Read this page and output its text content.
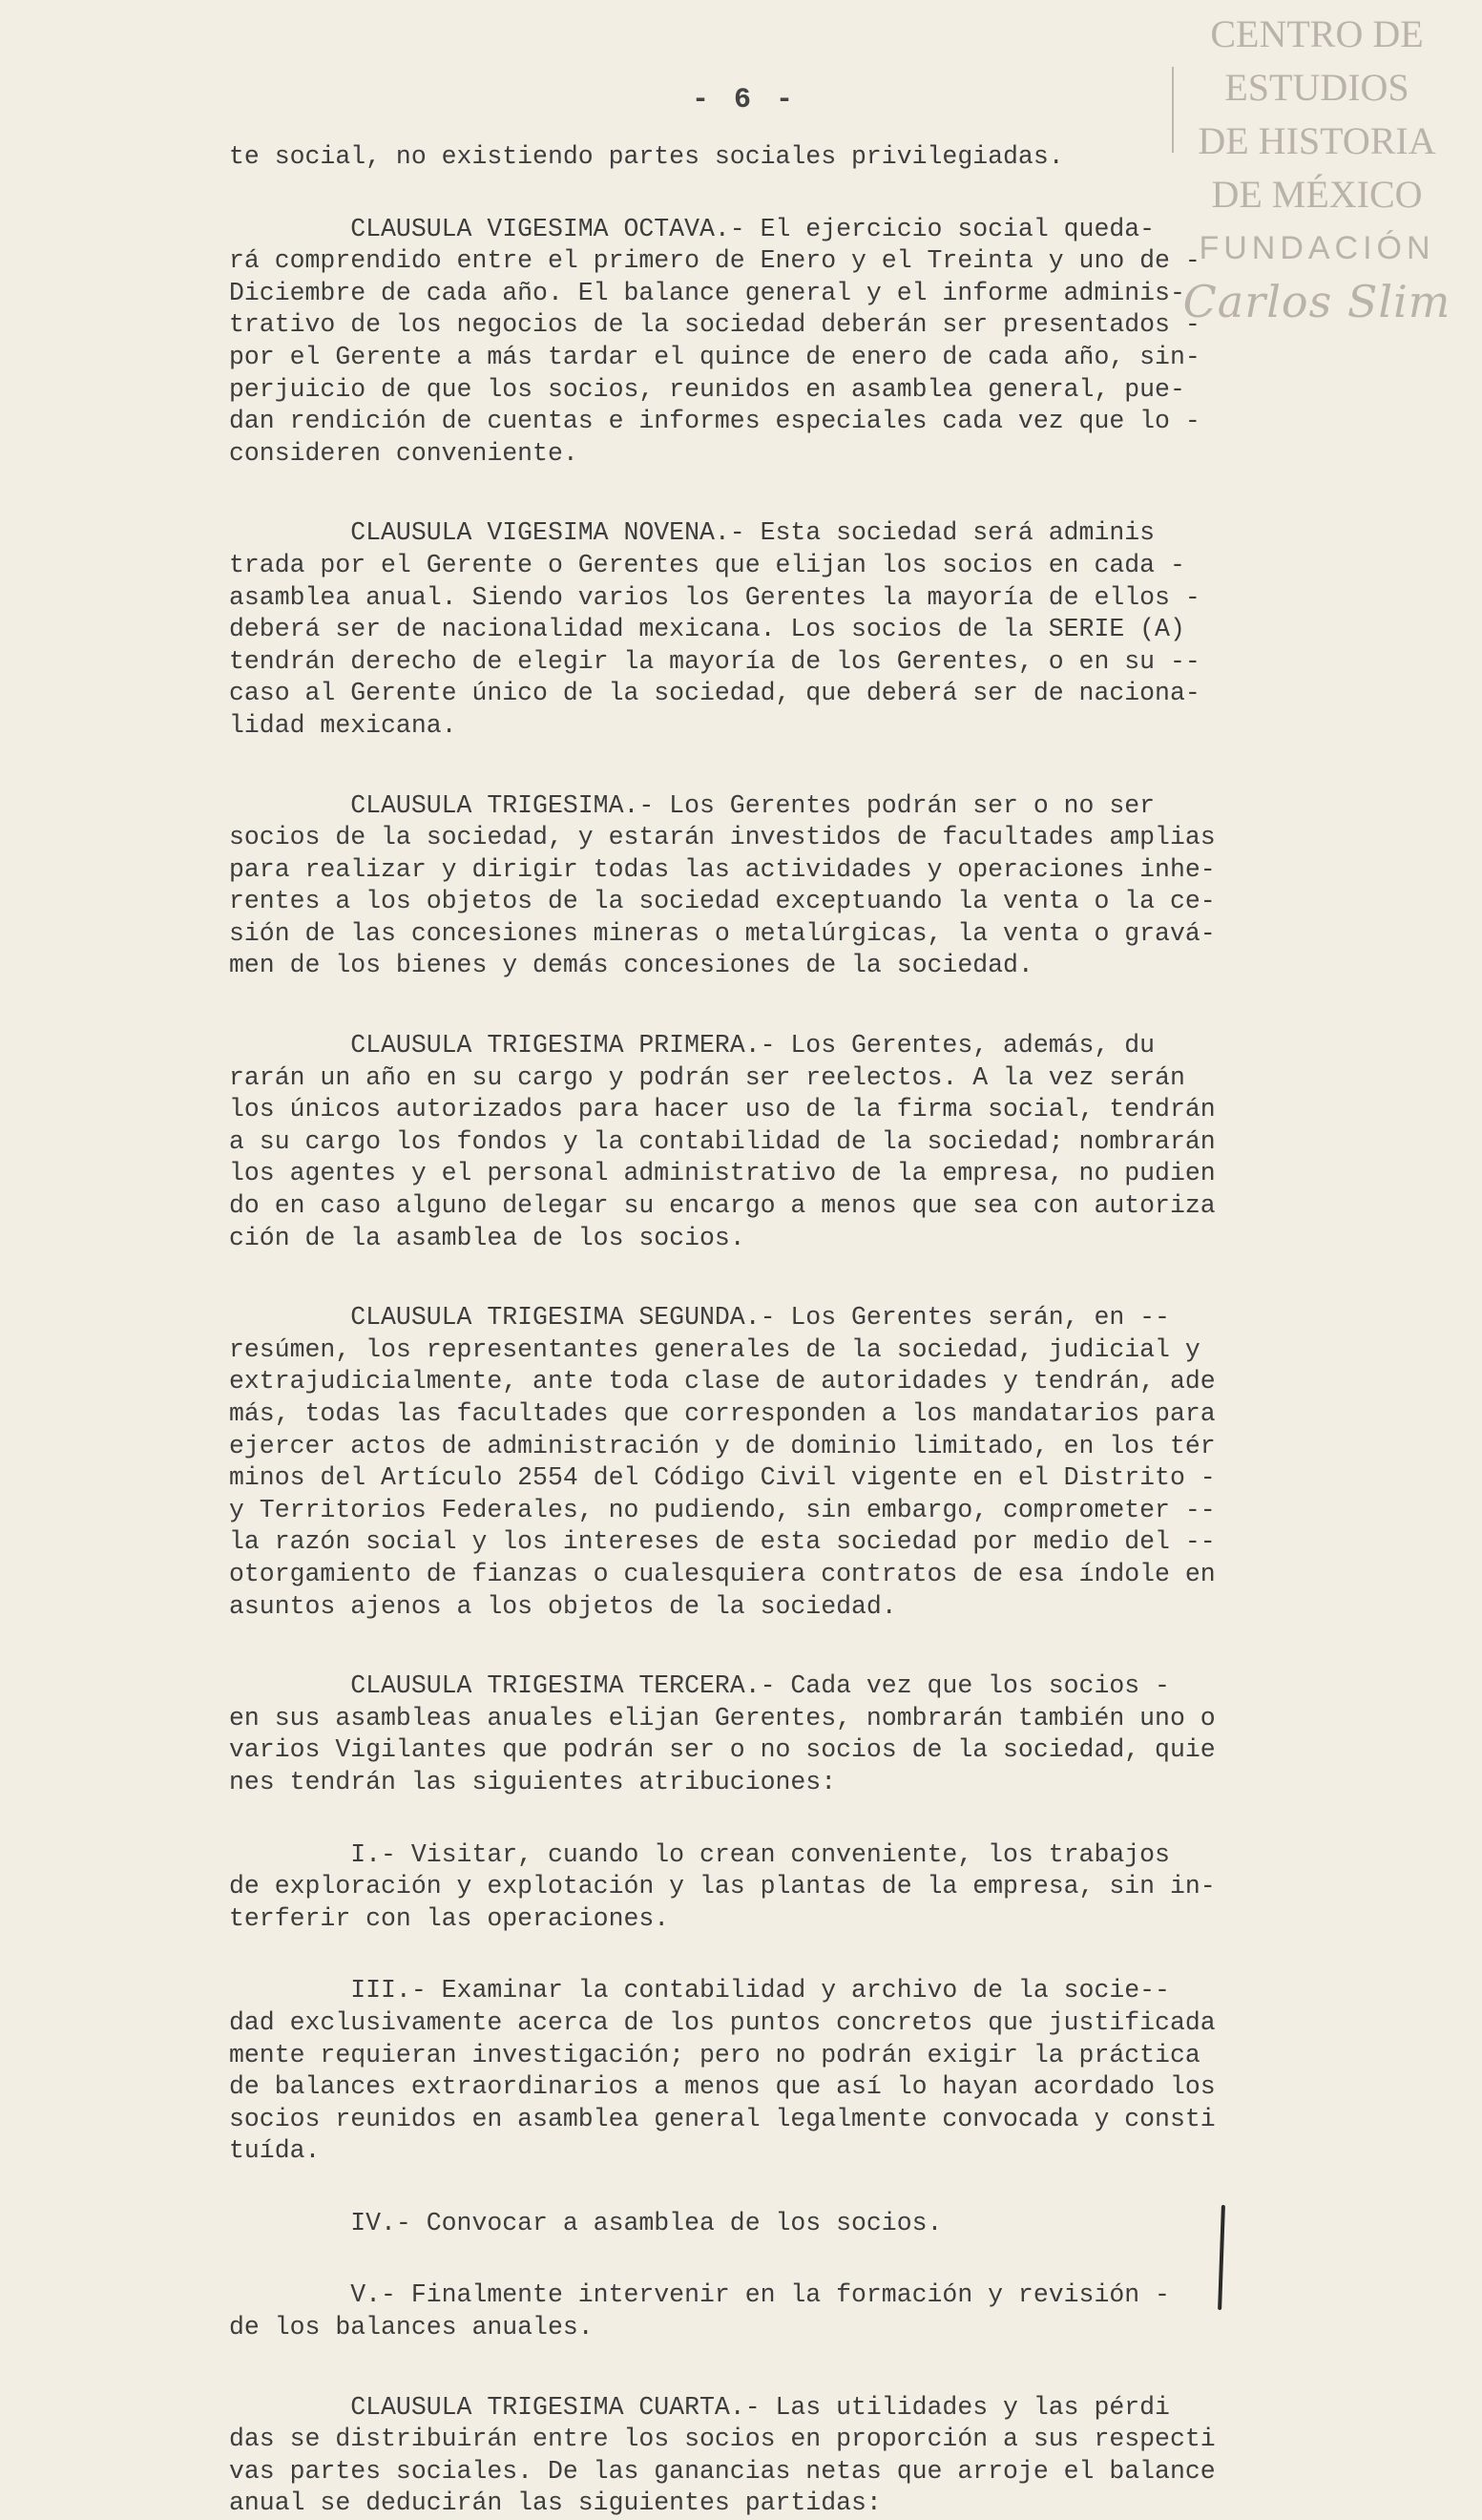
CENTRO DE
ESTUDIOS
DE HISTORIA
DE MÉXICO
FUNDACIÓN
Carlos Slim
- 6 -
te social, no existiendo partes sociales privilegiadas.
CLAUSULA VIGESIMA OCTAVA.- El ejercicio social queda-
rá comprendido entre el primero de Enero y el Treinta y uno de -
Diciembre de cada año. El balance general y el informe adminis-
trativo de los negocios de la sociedad deberán ser presentados -
por el Gerente a más tardar el quince de enero de cada año, sin-
perjuicio de que los socios, reunidos en asamblea general, pue-
dan rendición de cuentas e informes especiales cada vez que lo -
consideren conveniente.
CLAUSULA VIGESIMA NOVENA.- Esta sociedad será adminis
trada por el Gerente o Gerentes que elijan los socios en cada -
asamblea anual. Siendo varios los Gerentes la mayoría de ellos -
deberá ser de nacionalidad mexicana. Los socios de la SERIE (A)
tendrán derecho de elegir la mayoría de los Gerentes, o en su --
caso al Gerente único de la sociedad, que deberá ser de naciona-
lidad mexicana.
CLAUSULA TRIGESIMA.- Los Gerentes podrán ser o no ser
socios de la sociedad, y estarán investidos de facultades amplias
para realizar y dirigir todas las actividades y operaciones inhe-
rentes a los objetos de la sociedad exceptuando la venta o la ce-
sión de las concesiones mineras o metalúrgicas, la venta o gravá-
men de los bienes y demás concesiones de la sociedad.
CLAUSULA TRIGESIMA PRIMERA.- Los Gerentes, además, du
rarán un año en su cargo y podrán ser reelectos. A la vez serán
los únicos autorizados para hacer uso de la firma social, tendrán
a su cargo los fondos y la contabilidad de la sociedad; nombrarán
los agentes y el personal administrativo de la empresa, no pudien
do en caso alguno delegar su encargo a menos que sea con autoriza
ción de la asamblea de los socios.
CLAUSULA TRIGESIMA SEGUNDA.- Los Gerentes serán, en --
resúmen, los representantes generales de la sociedad, judicial y
extrajudicialmente, ante toda clase de autoridades y tendrán, ade
más, todas las facultades que corresponden a los mandatarios para
ejercer actos de administración y de dominio limitado, en los tér
minos del Artículo 2554 del Código Civil vigente en el Distrito -
y Territorios Federales, no pudiendo, sin embargo, comprometer --
la razón social y los intereses de esta sociedad por medio del --
otorgamiento de fianzas o cualesquiera contratos de esa índole en
asuntos ajenos a los objetos de la sociedad.
CLAUSULA TRIGESIMA TERCERA.- Cada vez que los socios -
en sus asambleas anuales elijan Gerentes, nombrarán también uno o
varios Vigilantes que podrán ser o no socios de la sociedad, quie
nes tendrán las siguientes atribuciones:
I.- Visitar, cuando lo crean conveniente, los trabajos
de exploración y explotación y las plantas de la empresa, sin in-
terferir con las operaciones.
III.- Examinar la contabilidad y archivo de la socie--
dad exclusivamente acerca de los puntos concretos que justificada
mente requieran investigación; pero no podrán exigir la práctica
de balances extraordinarios a menos que así lo hayan acordado los
socios reunidos en asamblea general legalmente convocada y consti
tuída.
IV.- Convocar a asamblea de los socios.
V.- Finalmente intervenir en la formación y revisión -
de los balances anuales.
CLAUSULA TRIGESIMA CUARTA.- Las utilidades y las pérdi
das se distribuirán entre los socios en proporción a sus respecti
vas partes sociales. De las ganancias netas que arroje el balance
anual se deducirán las siguientes partidas:
